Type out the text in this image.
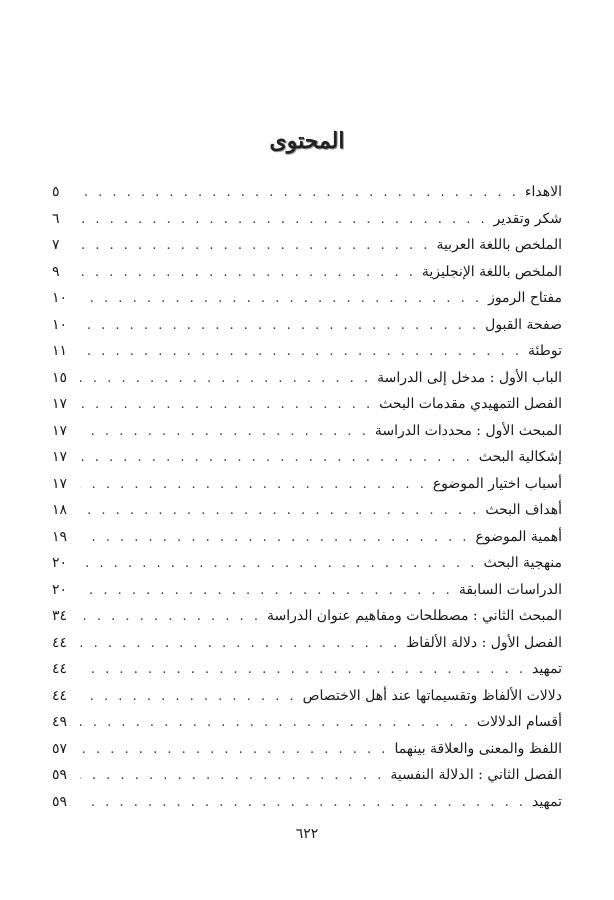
المحتوى
الاهداء
. . .
٥
شكر وتقدير
. . .
٦
الملخص باللغة العربية
. . .
٧
الملخص باللغة الإنجليزية
. . .
٩
مفتاح الرموز
. . .
١٠
صفحة القبول
. . .
١٠
توطئة
. . .
١١
الباب الأول : مدخل إلى الدراسة
. . .
١٥
الفصل التمهيدي مقدمات البحث
. . .
١٧
المبحث الأول : محددات الدراسة
. . .
١٧
إشكالية البحث
. . .
١٧
أسباب اختيار الموضوع
. . .
١٧
أهداف البحث
. . .
١٨
أهمية الموضوع
. . .
١٩
منهجية البحث
. . .
٢٠
الدراسات السابقة
. . .
٢٠
المبحث الثاني : مصطلحات ومفاهيم عنوان الدراسة
. . .
٣٤
الفصل الأول : دلالة الألفاظ
. . .
٤٤
تمهيد
. . .
٤٤
دلالات الألفاظ وتقسيماتها عند أهل الاختصاص
. . .
٤٤
أقسام الدلالات
. . .
٤٩
اللفظ والمعنى والعلاقة بينهما
. . .
٥٧
الفصل الثاني : الدلالة النفسية
. . .
٥٩
تمهيد
. . .
٥٩
٦٢٢
